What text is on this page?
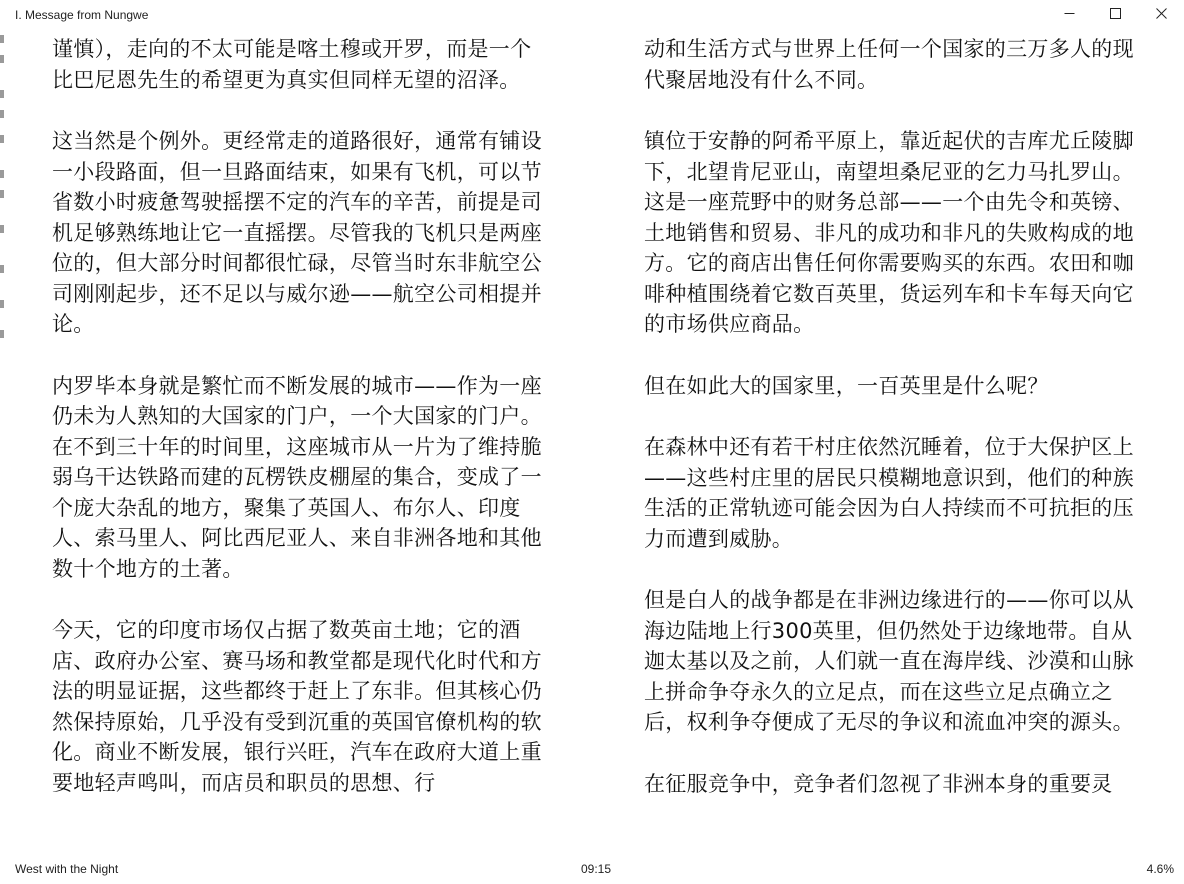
I. Message from Nungwe

谨慎），走向的不太可能是喀土穆或开罗，而是一个比巴尼恩先生的希望更为真实但同样无望的沼泽。

这当然是个例外。更经常走的道路很好，通常有铺设一小段路面，但一旦路面结束，如果有飞机，可以节省数小时疲惫驾驶摇摆不定的汽车的辛苦，前提是司机足够熟练地让它一直摇摆。尽管我的飞机只是两座位的，但大部分时间都很忙碌，尽管当时东非航空公司刚刚起步，还不足以与威尔逊——航空公司相提并论。

内罗毕本身就是繁忙而不断发展的城市——作为一座仍未为人熟知的大国家的门户，一个大国家的门户。在不到三十年的时间里，这座城市从一片为了维持脆弱乌干达铁路而建的瓦楞铁皮棚屋的集合，变成了一个庞大杂乱的地方，聚集了英国人、布尔人、印度人、索马里人、阿比西尼亚人、来自非洲各地和其他数十个地方的土著。

今天，它的印度市场仅占据了数英亩土地；它的酒店、政府办公室、赛马场和教堂都是现代化时代和方法的明显证据，这些都终于赶上了东非。但其核心仍然保持原始，几乎没有受到沉重的英国官僚机构的软化。商业不断发展，银行兴旺，汽车在政府大道上重要地轻声鸣叫，而店员和职员的思想、行

动和生活方式与世界上任何一个国家的三万多人的现代聚居地没有什么不同。

镇位于安静的阿希平原上，靠近起伏的吉库尤丘陵脚下，北望肯尼亚山，南望坦桑尼亚的乞力马扎罗山。这是一座荒野中的财务总部——一个由先令和英镑、土地销售和贸易、非凡的成功和非凡的失败构成的地方。它的商店出售任何你需要购买的东西。农田和咖啡种植围绕着它数百英里，货运列车和卡车每天向它的市场供应商品。

但在如此大的国家里，一百英里是什么呢？

在森林中还有若干村庄依然沉睡着，位于大保护区上——这些村庄里的居民只模糊地意识到，他们的种族生活的正常轨迹可能会因为白人持续而不可抗拒的压力而遭到威胁。

但是白人的战争都是在非洲边缘进行的——你可以从海边陆地上行300英里，但仍然处于边缘地带。自从迦太基以及之前，人们就一直在海岸线、沙漠和山脉上拼命争夺永久的立足点，而在这些立足点确立之后，权利争夺便成了无尽的争议和流血冲突的源头。

在征服竞争中，竞争者们忽视了非洲本身的重要灵

West with the Night	09:15	4.6%
